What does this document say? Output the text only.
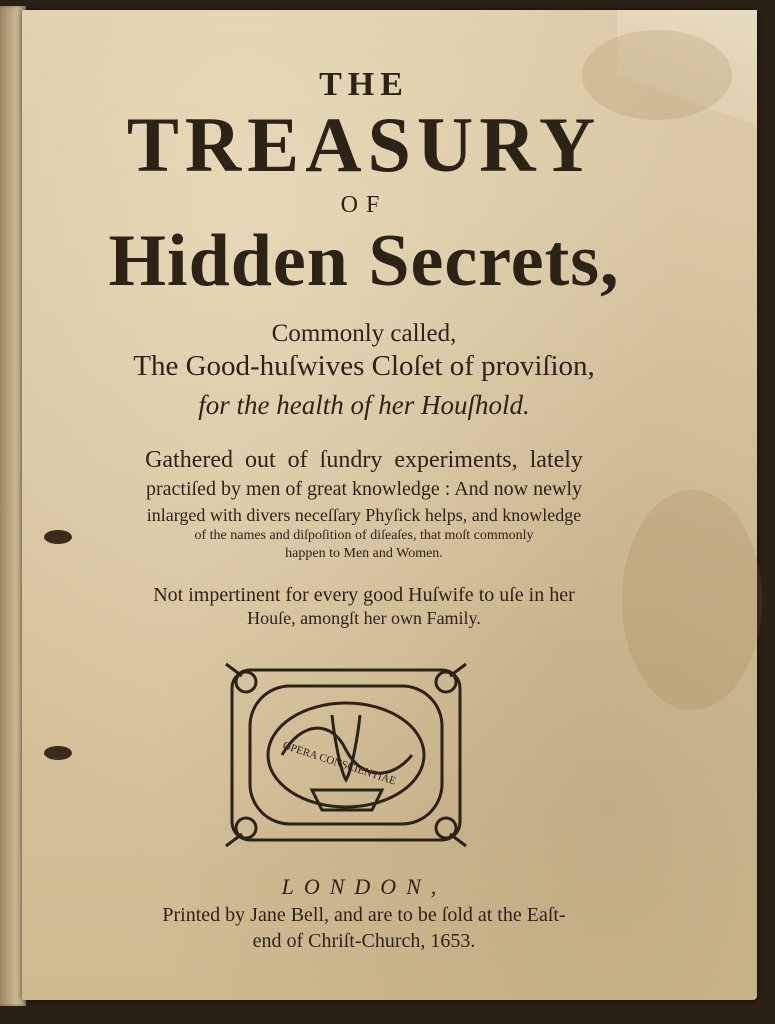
THE

TREASURY

OF

Hidden Secrets,

Commonly called,

The Good-huſwives Cloſet of proviſion,

for the health of her Houſhold.

Gathered out of ſundry experiments, lately

practiſed by men of great knowledge : And now newly

inlarged with divers neceſſary Phyſick helps, and knowledge

of the names and diſpoſition of diſeaſes, that moſt commonly

happen to Men and Women.

Not impertinent for every good Huſwife to uſe in her

Houſe, amongſt her own Family.

OPERA CONSCIENTIAE

LONDON,

Printed by Jane Bell, and are to be ſold at the Eaſt-

end of Chriſt-Church, 1653.
